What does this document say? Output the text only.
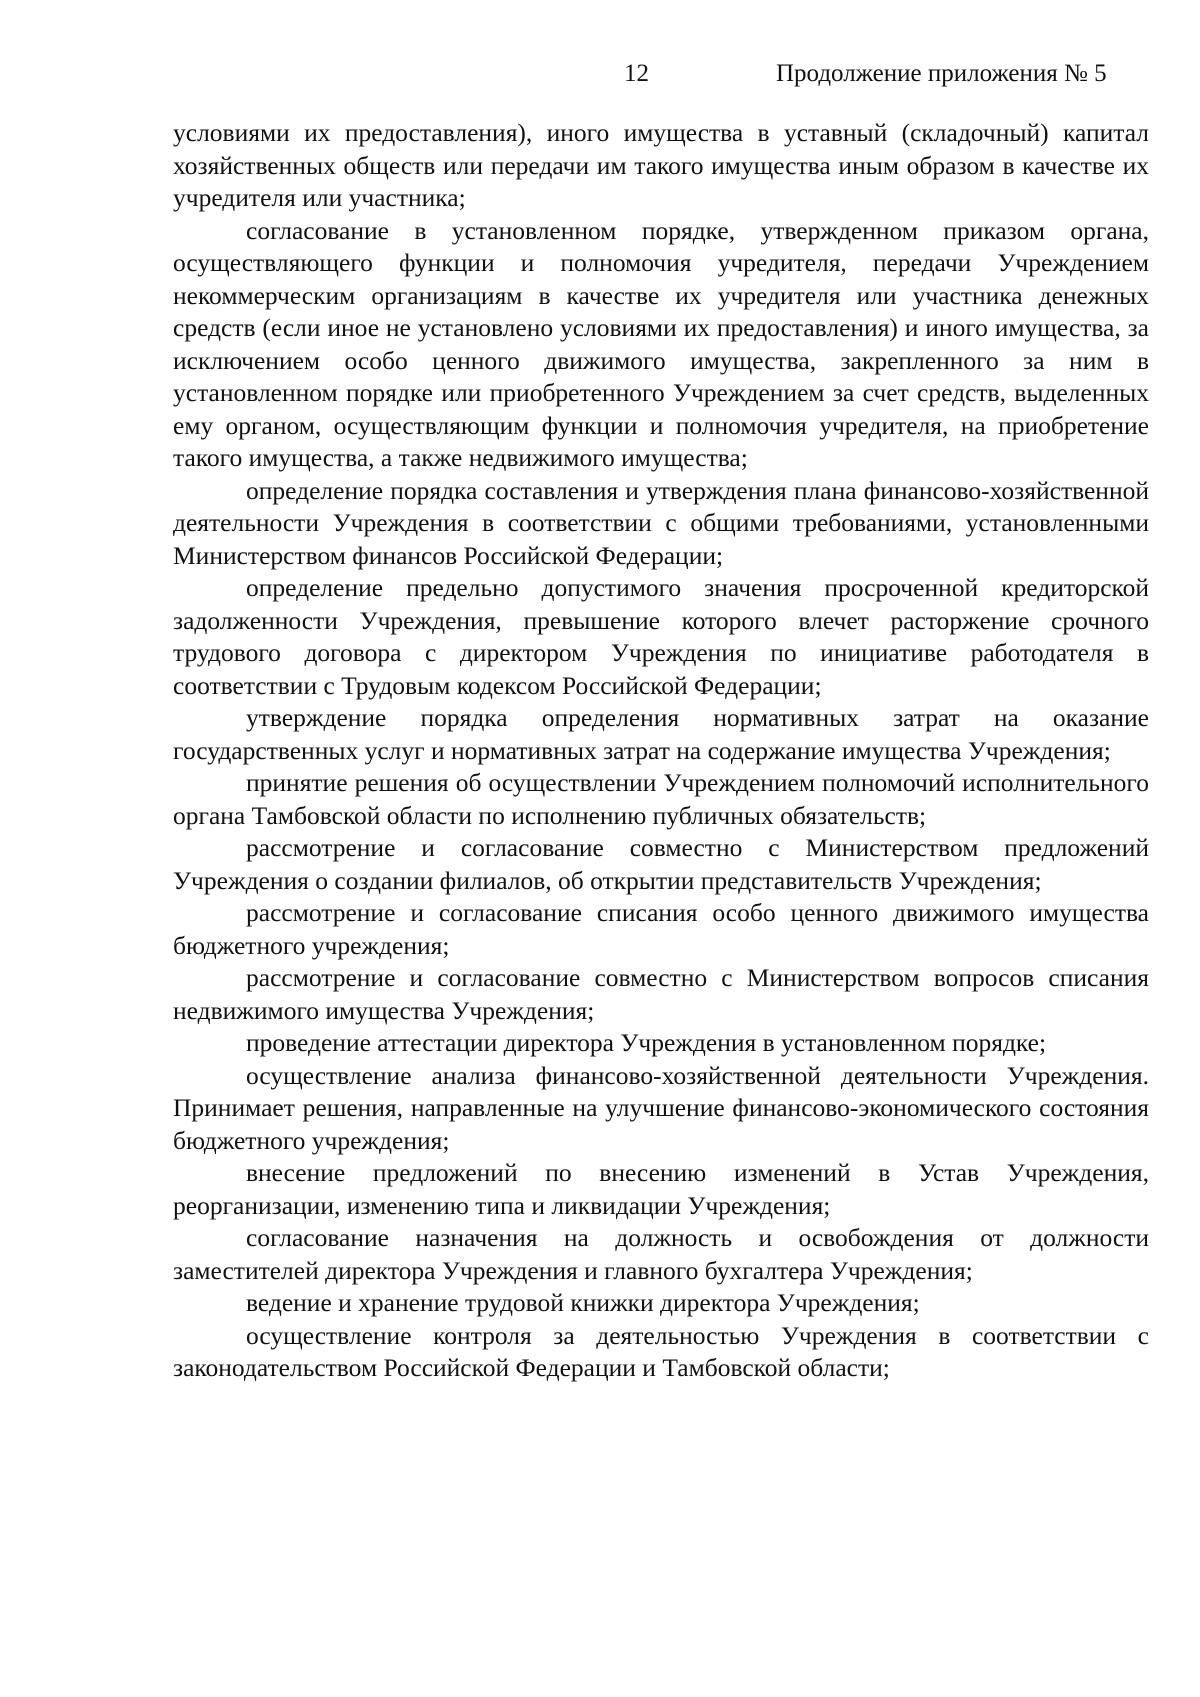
12	Продолжение приложения № 5

условиями их предоставления), иного имущества в уставный (складочный) капитал хозяйственных обществ или передачи им такого имущества иным образом в качестве их учредителя или участника;

согласование в установленном порядке, утвержденном приказом органа, осуществляющего функции и полномочия учредителя, передачи Учреждением некоммерческим организациям в качестве их учредителя или участника денежных средств (если иное не установлено условиями их предоставления) и иного имущества, за исключением особо ценного движимого имущества, закрепленного за ним в установленном порядке или приобретенного Учреждением за счет средств, выделенных ему органом, осуществляющим функции и полномочия учредителя, на приобретение такого имущества, а также недвижимого имущества;

определение порядка составления и утверждения плана финансово-хозяйственной деятельности Учреждения в соответствии с общими требованиями, установленными Министерством финансов Российской Федерации;

определение предельно допустимого значения просроченной кредиторской задолженности Учреждения, превышение которого влечет расторжение срочного трудового договора с директором Учреждения по инициативе работодателя в соответствии с Трудовым кодексом Российской Федерации;

утверждение порядка определения нормативных затрат на оказание государственных услуг и нормативных затрат на содержание имущества Учреждения;

принятие решения об осуществлении Учреждением полномочий исполнительного органа Тамбовской области по исполнению публичных обязательств;

рассмотрение и согласование совместно с Министерством предложений Учреждения о создании филиалов, об открытии представительств Учреждения;

рассмотрение и согласование списания особо ценного движимого имущества бюджетного учреждения;

рассмотрение и согласование совместно с Министерством вопросов списания недвижимого имущества Учреждения;

проведение аттестации директора Учреждения в установленном порядке;

осуществление анализа финансово-хозяйственной деятельности Учреждения. Принимает решения, направленные на улучшение финансово-экономического состояния бюджетного учреждения;

внесение предложений по внесению изменений в Устав Учреждения, реорганизации, изменению типа и ликвидации Учреждения;

согласование назначения на должность и освобождения от должности заместителей директора Учреждения и главного бухгалтера Учреждения;

ведение и хранение трудовой книжки директора Учреждения;

осуществление контроля за деятельностью Учреждения в соответствии с законодательством Российской Федерации и Тамбовской области;
